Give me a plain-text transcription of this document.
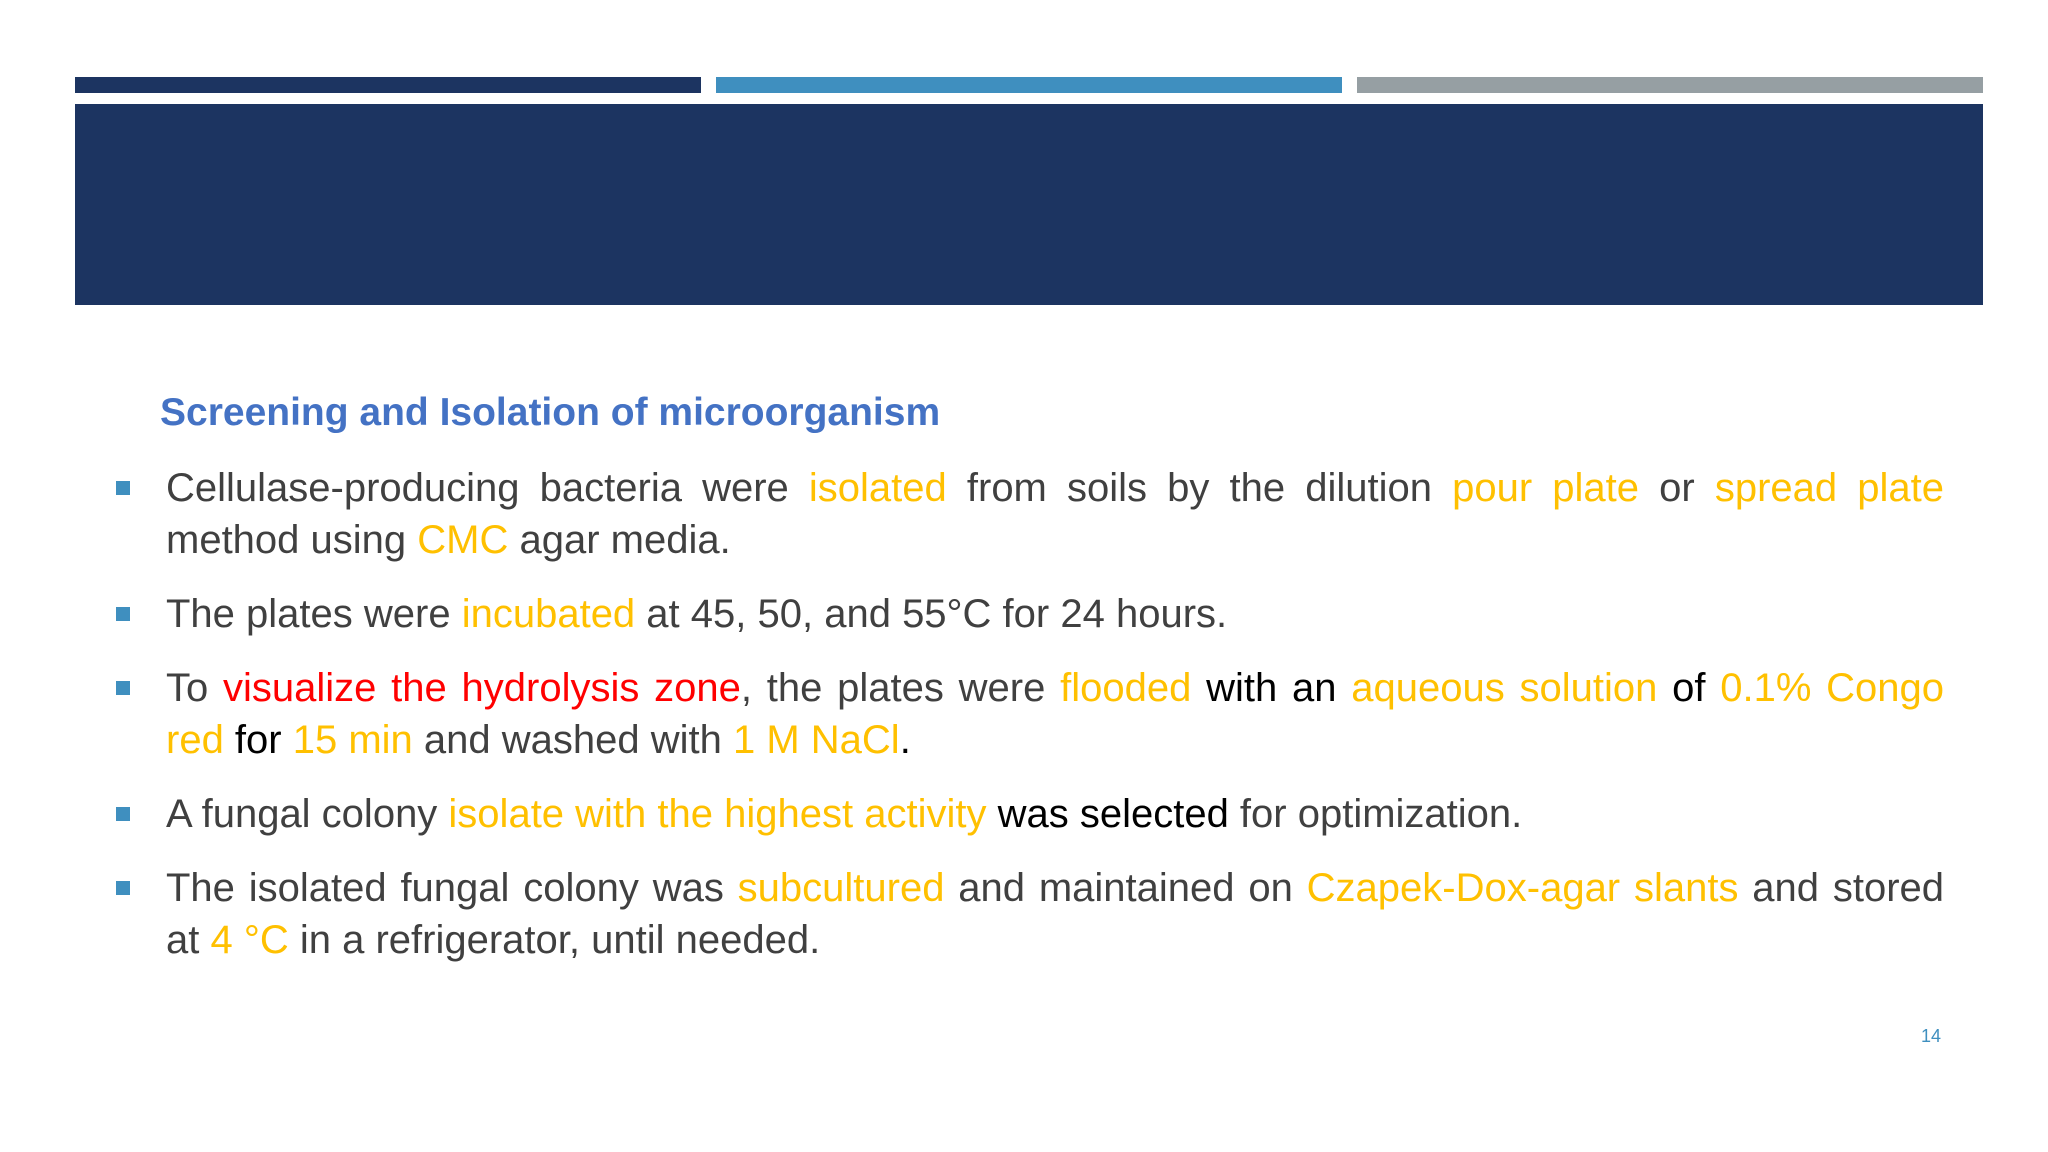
Screening and Isolation of microorganism
Cellulase-producing bacteria were isolated from soils by the dilution pour plate or spread plate method using CMC agar media.
The plates were incubated at 45, 50, and 55°C for 24 hours.
To visualize the hydrolysis zone, the plates were flooded with an aqueous solution of 0.1% Congo red for 15 min and washed with 1 M NaCl.
A fungal colony isolate with the highest activity was selected for optimization.
The isolated fungal colony was subcultured and maintained on Czapek-Dox-agar slants and stored at 4 °C in a refrigerator, until needed.
14
